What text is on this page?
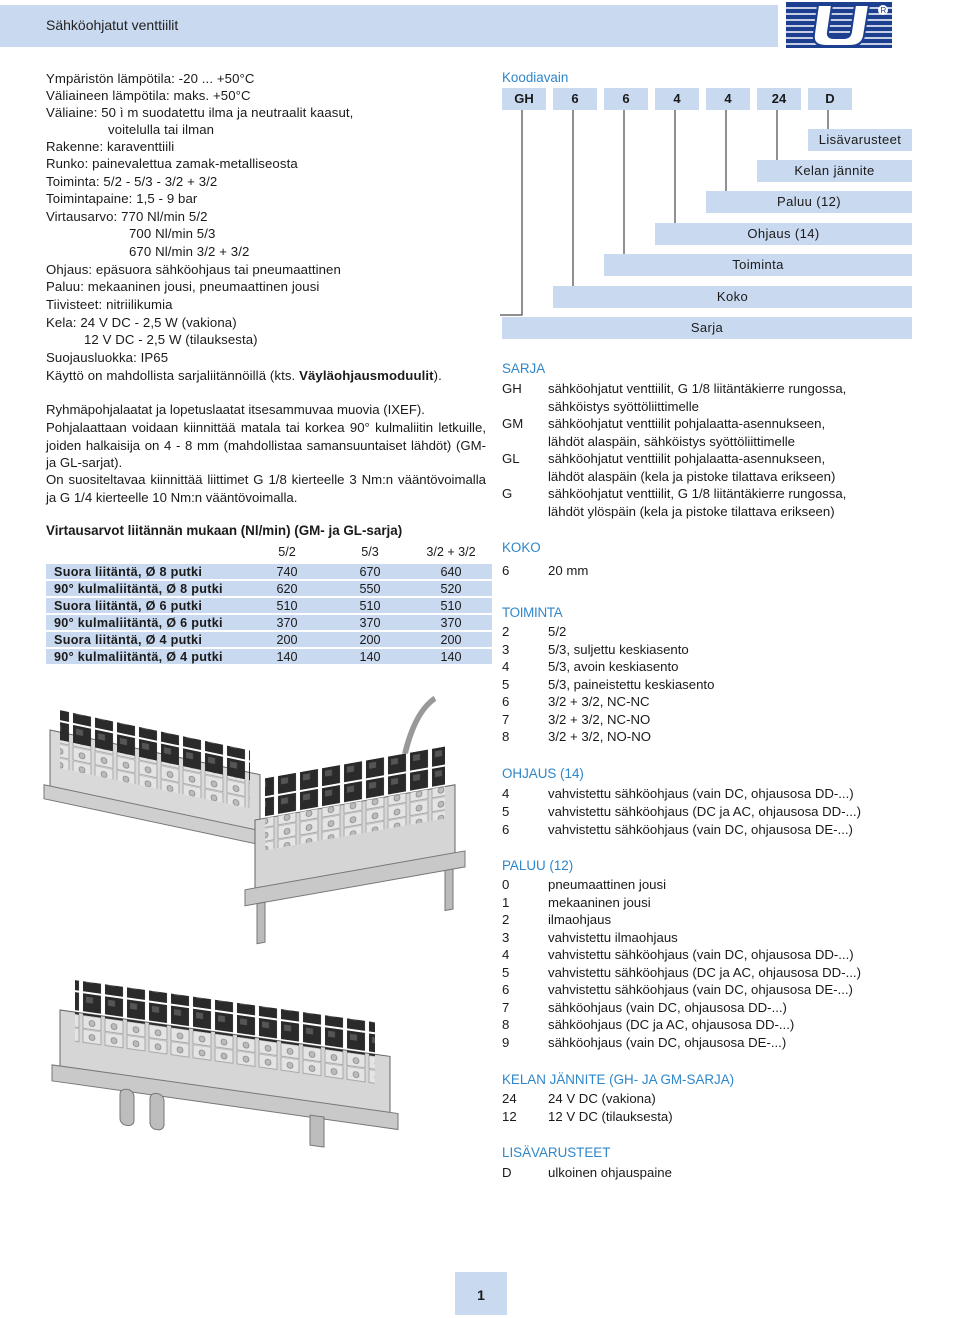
Sähköohjatut venttiilit
R
Ympäristön lämpötila: -20 ... +50°C
Väliaineen lämpötila: maks. +50°C
Väliaine: 50 ì m suodatettu ilma ja neutraalit kaasut,
voitelulla tai ilman
Rakenne: karaventtiili
Runko: painevalettua zamak-metalliseosta
Toiminta: 5/2 - 5/3 - 3/2 + 3/2
Toimintapaine: 1,5 - 9 bar
Virtausarvo: 770 Nl/min 5/2
700 Nl/min 5/3
670 Nl/min 3/2 + 3/2
Ohjaus: epäsuora sähköohjaus tai pneumaattinen
Paluu: mekaaninen jousi, pneumaattinen jousi
Tiivisteet: nitriilikumia
Kela: 24 V DC - 2,5 W (vakiona)
12 V DC - 2,5 W (tilauksesta)
Suojausluokka: IP65
Käyttö on mahdollista sarjaliitännöillä (kts. Väyläohjausmoduulit).
Ryhmäpohjalaatat ja lopetuslaatat itsesammuvaa muovia (IXEF).
Pohjalaattaan voidaan kiinnittää matala tai korkea 90° kulmaliitin letkuille, joiden halkaisija on 4 - 8 mm (mahdollistaa samansuuntaiset lähdöt) (GM- ja GL-sarjat).
On suositeltavaa kiinnittää liittimet G 1/8 kierteelle 3 Nm:n vääntövoimalla ja G 1/4 kierteelle 10 Nm:n vääntövoimalla.
Virtausarvot liitännän mukaan (Nl/min) (GM- ja GL-sarja)
	5/2	5/3	3/2 + 3/2
Suora liitäntä, Ø 8 putki	740	670	640
90° kulmaliitäntä, Ø 8 putki	620	550	520
Suora liitäntä, Ø 6 putki	510	510	510
90° kulmaliitäntä, Ø 6 putki	370	370	370
Suora liitäntä, Ø 4 putki	200	200	200
90° kulmaliitäntä, Ø 4 putki	140	140	140
Koodiavain
GH	6	6	4	4	24	D
Lisävarusteet
Kelan jännite
Paluu (12)
Ohjaus (14)
Toiminta
Koko
Sarja
SARJA
GH sähköohjatut venttiilit, G 1/8 liitäntäkierre rungossa,
sähköistys syöttöliittimelle
GM sähköohjatut venttiilit pohjalaatta-asennukseen,
lähdöt alaspäin, sähköistys syöttöliittimelle
GL sähköohjatut venttiilit pohjalaatta-asennukseen,
lähdöt alaspäin (kela ja pistoke tilattava erikseen)
G	sähköohjatut venttiilit, G 1/8 liitäntäkierre rungossa,
lähdöt ylöspäin (kela ja pistoke tilattava erikseen)
KOKO
6	20 mm
TOIMINTA
2	5/2
3	5/3, suljettu keskiasento
4	5/3, avoin keskiasento
5	5/3, paineistettu keskiasento
6	3/2 + 3/2, NC-NC
7	3/2 + 3/2, NC-NO
8	3/2 + 3/2, NO-NO
OHJAUS (14)
4	vahvistettu sähköohjaus (vain DC, ohjausosa DD-...)
5	vahvistettu sähköohjaus (DC ja AC, ohjausosa DD-...)
6	vahvistettu sähköohjaus (vain DC, ohjausosa DE-...)
PALUU (12)
0	pneumaattinen jousi
1	mekaaninen jousi
2	ilmaohjaus
3	vahvistettu ilmaohjaus
4	vahvistettu sähköohjaus (vain DC, ohjausosa DD-...)
5	vahvistettu sähköohjaus (DC ja AC, ohjausosa DD-...)
6	vahvistettu sähköohjaus (vain DC, ohjausosa DE-...)
7	sähköohjaus (vain DC, ohjausosa DD-...)
8	sähköohjaus (DC ja AC, ohjausosa DD-...)
9	sähköohjaus (vain DC, ohjausosa DE-...)
KELAN JÄNNITE (GH- JA GM-SARJA)
24 24 V DC (vakiona)
12 12 V DC (tilauksesta)
LISÄVARUSTEET
D	ulkoinen ohjauspaine
1
